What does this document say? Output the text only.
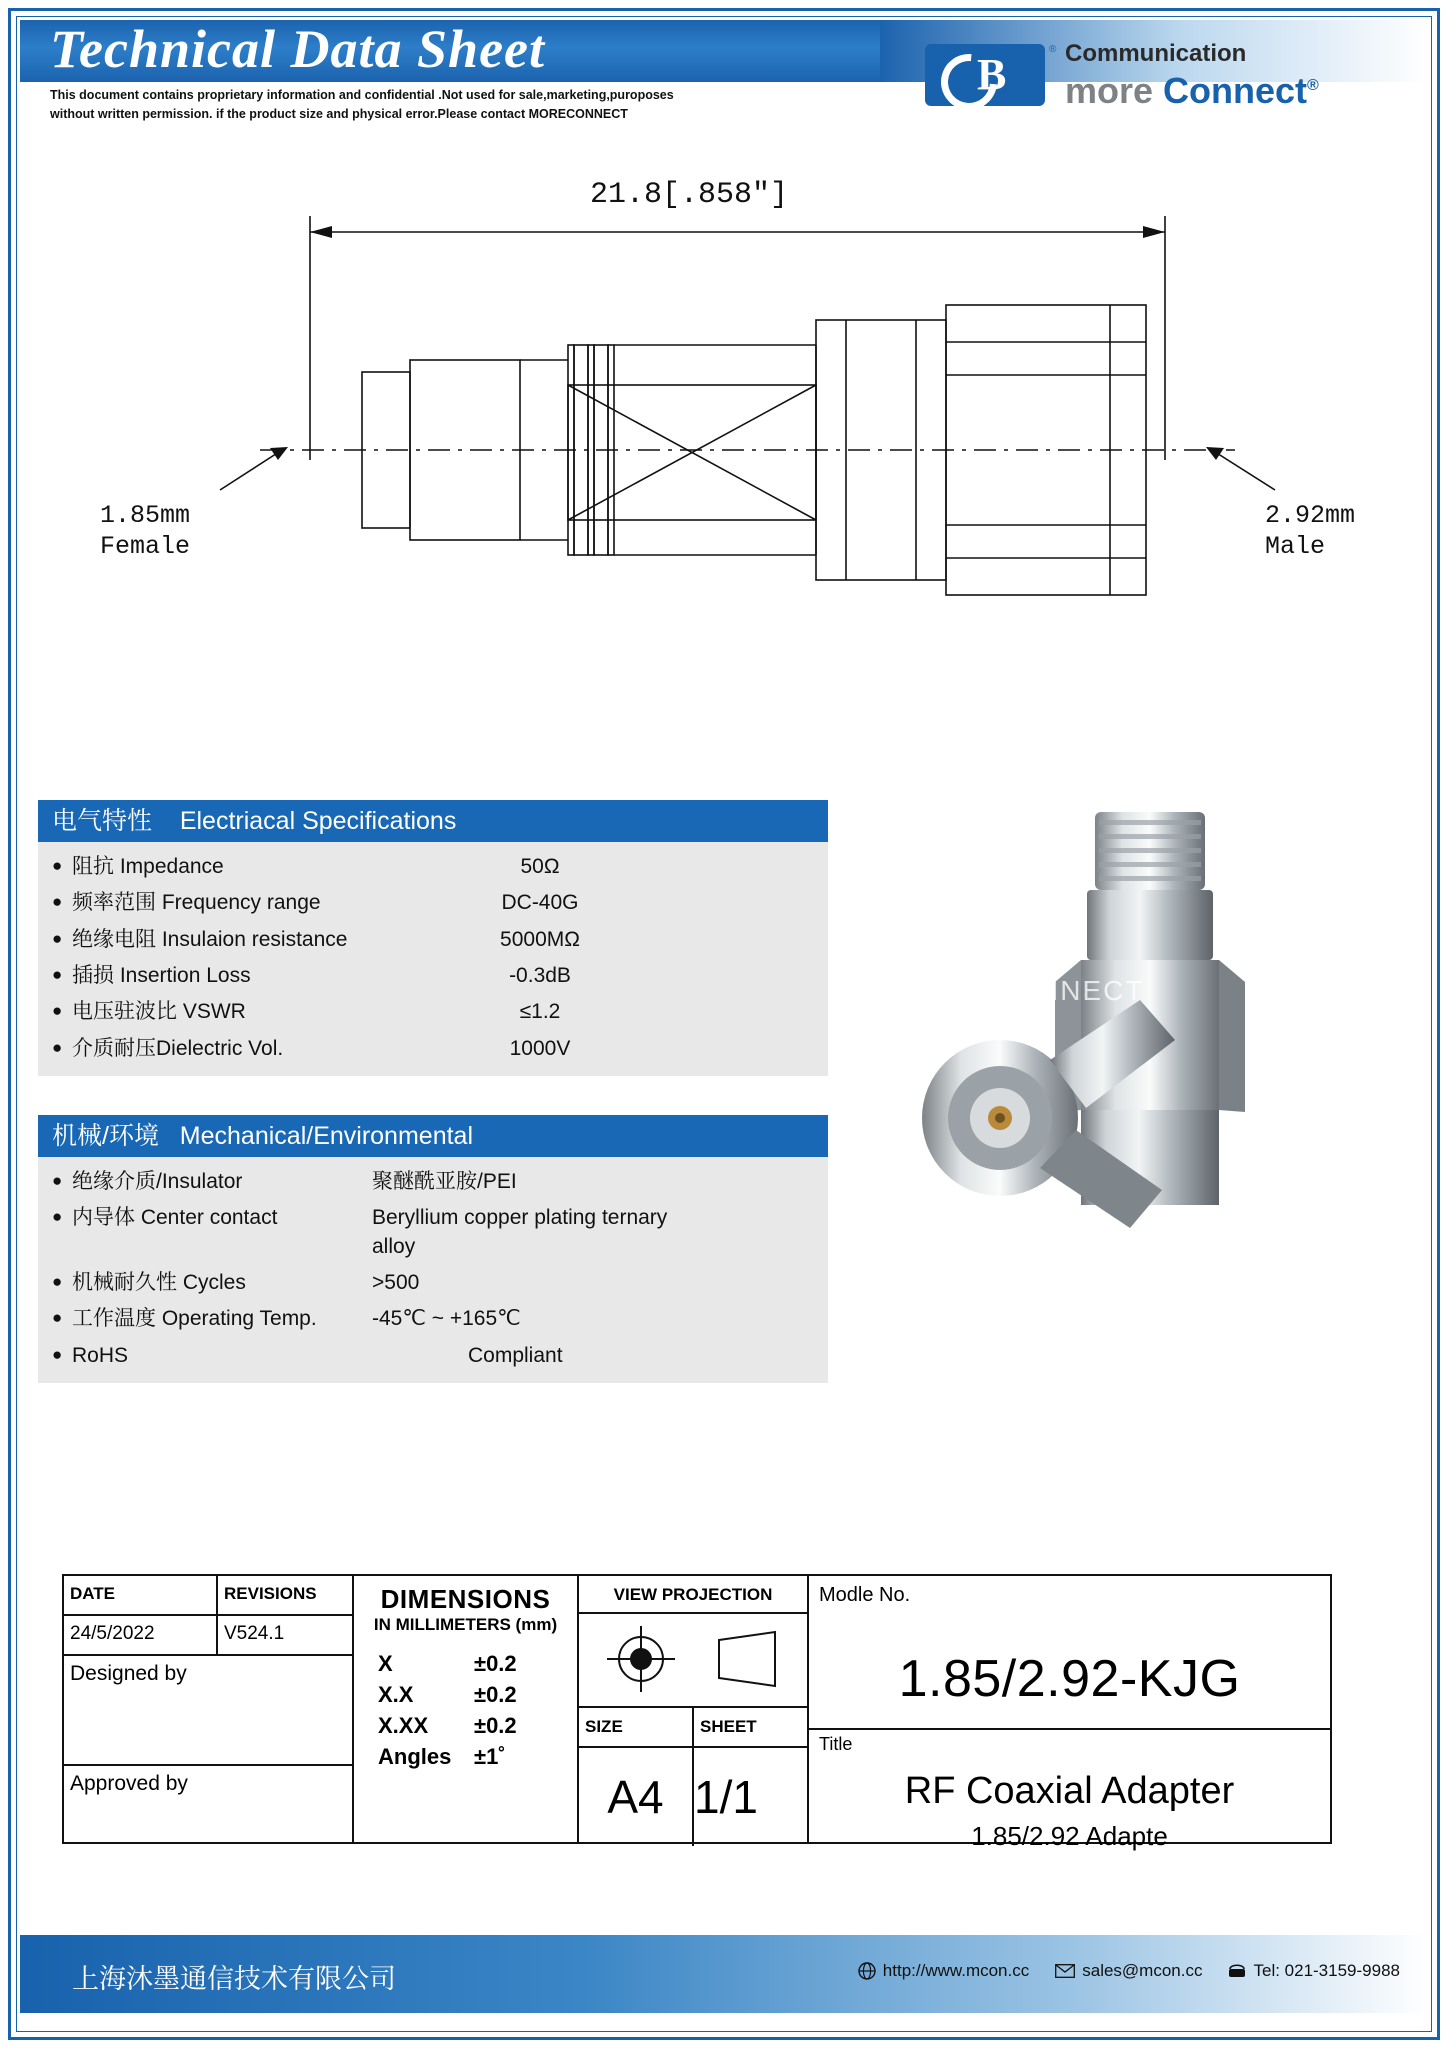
Technical Data Sheet
This document contains proprietary information and confidential .Not used for sale,marketing,puroposes
without written permission. if the product size and physical error.Please contact MORECONNECT
B
® Communication
more Connect®
21.8[.858"]
1.85mm
Female
2.92mm
Male
电气特性 Electriacal Specifications
● 阻抗 Impedance	50Ω
● 频率范围 Frequency range	DC-40G
● 绝缘电阻 Insulaion resistance	5000MΩ
● 插损 Insertion Loss	-0.3dB
● 电压驻波比 VSWR	≤1.2
● 介质耐压Dielectric Vol.	1000V
机械/环境 Mechanical/Environmental
● 绝缘介质/Insulator	聚醚酰亚胺/PEI
● 内导体 Center contact	Beryllium copper plating ternary alloy
● 机械耐久性 Cycles	>500
● 工作温度 Operating Temp.	-45℃ ~ +165℃
● RoHS	Compliant
MORECONNECT
DATE	REVISIONS
24/5/2022	V524.1
Designed by
Approved by
DIMENSIONS
IN MILLIMETERS (mm)
X	±0.2
X.X	±0.2
X.XX	±0.2
Angles	±1˚
VIEW PROJECTION
SIZE	SHEET
A4 1/1
Modle No.
1.85/2.92-KJG
Title
RF Coaxial Adapter
1.85/2.92 Adapte
上海沐墨通信技术有限公司	http://www.mcon.cc	sales@mcon.cc	Tel: 021-3159-9988
